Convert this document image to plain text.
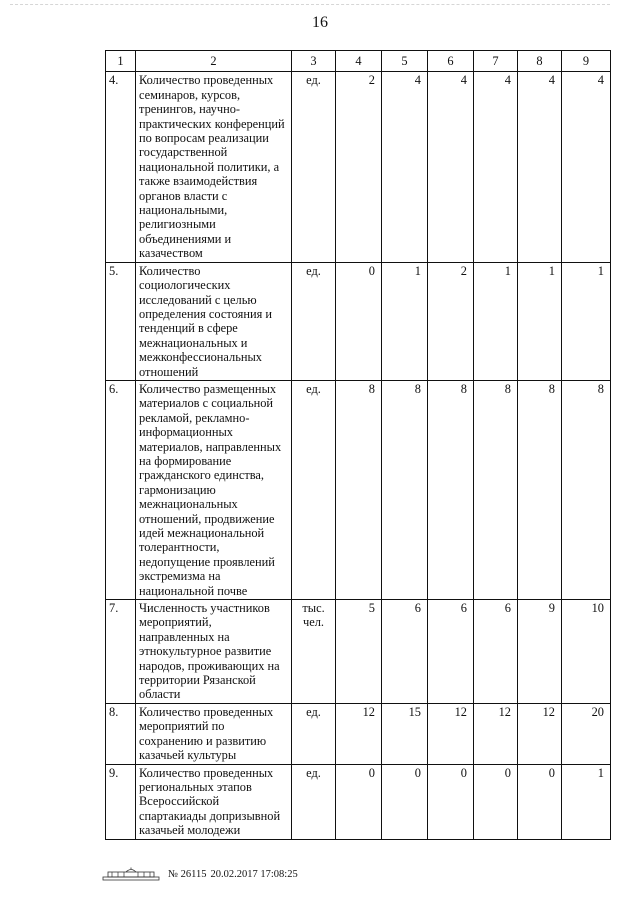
16
1	2	3	4	5	6	7	8	9
4.	Количество проведенных семинаров, курсов, тренингов, научно-практических конференций по вопросам реализации государственной национальной политики, а также взаимодействия органов власти с национальными, религиозными объединениями и казачеством	ед.	2	4	4	4	4	4
5.	Количество социологических исследований с целью определения состояния и тенденций в сфере межнациональных и межконфессиональных отношений	ед.	0	1	2	1	1	1
6.	Количество размещенных материалов с социальной рекламой, рекламно-информационных материалов, направленных на формирование гражданского единства, гармонизацию межнациональных отношений, продвижение идей межнациональной толерантности, недопущение проявлений экстремизма на национальной почве	ед.	8	8	8	8	8	8
7.	Численность участников мероприятий, направленных на этнокультурное развитие народов, проживающих на территории Рязанской области	тыс. чел.	5	6	6	6	9	10
8.	Количество проведенных мероприятий по сохранению и развитию казачьей культуры	ед.	12	15	12	12	12	20
9.	Количество проведенных региональных этапов Всероссийской спартакиады допризывной казачьей молодежи	ед.	0	0	0	0	0	1
№ 26115 20.02.2017 17:08:25
